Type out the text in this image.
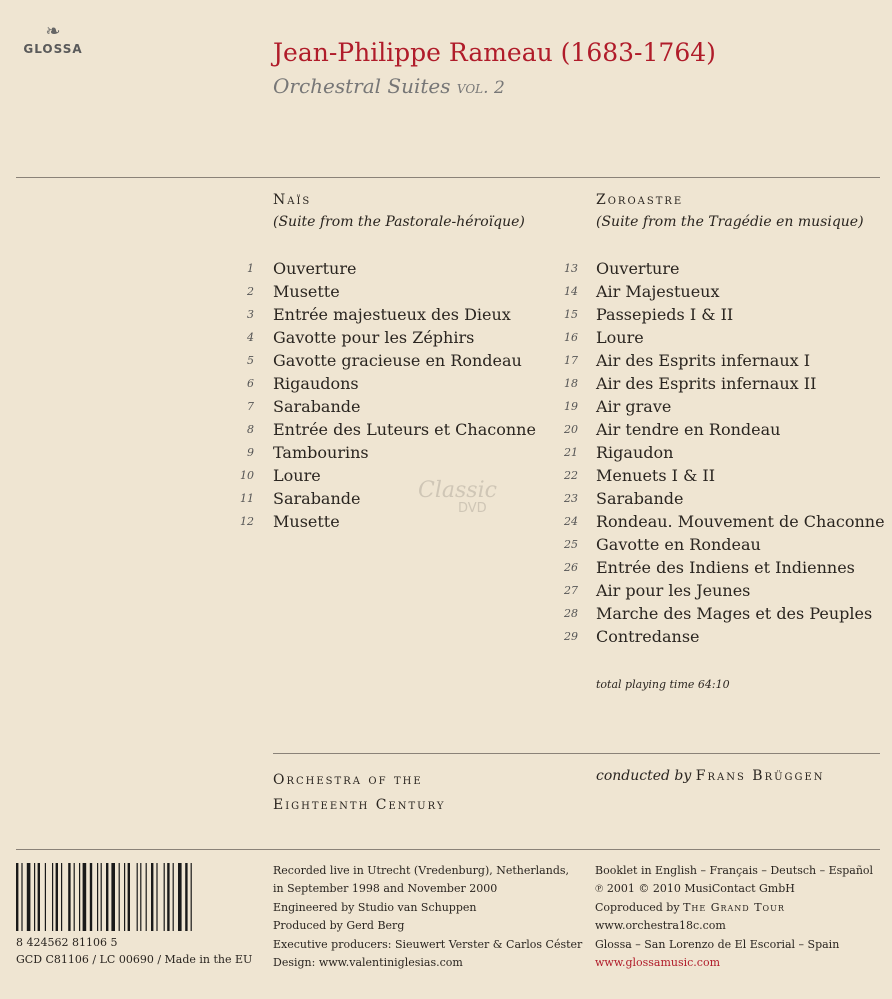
❧
GLOSSA	Jean-Philippe Rameau (1683-1764)
Orchestral Suites vol. 2
Naïs
(Suite from the Pastorale-héroïque)
1 Ouverture
2 Musette
3 Entrée majestueux des Dieux
4 Gavotte pour les Zéphirs
5 Gavotte gracieuse en Rondeau
6 Rigaudons
7 Sarabande
8 Entrée des Luteurs et Chaconne
9 Tambourins
10 Loure
11 Sarabande
12 Musette
Zoroastre
(Suite from the Tragédie en musique)
13 Ouverture
14 Air Majestueux
15 Passepieds I & II
16 Loure
17 Air des Esprits infernaux I
18 Air des Esprits infernaux II
19 Air grave
20 Air tendre en Rondeau
21 Rigaudon
22 Menuets I & II
23 Sarabande
24 Rondeau. Mouvement de Chaconne
25 Gavotte en Rondeau
26 Entrée des Indiens et Indiennes
27 Air pour les Jeunes
28 Marche des Mages et des Peuples
29 Contredanse
total playing time 64:10
Classic
DVD
Orchestra of the
Eighteenth Century
conducted by Frans Brüggen
8 424562 81106 5
GCD C81106 / LC 00690 / Made in the EU
Recorded live in Utrecht (Vredenburg), Netherlands,
in September 1998 and November 2000
Engineered by Studio van Schuppen
Produced by Gerd Berg
Executive producers: Sieuwert Verster & Carlos Céster
Design: www.valentiniglesias.com
Booklet in English – Français – Deutsch – Español
℗ 2001 © 2010 MusiContact GmbH
Coproduced by The Grand Tour
www.orchestra18c.com
Glossa – San Lorenzo de El Escorial – Spain
www.glossamusic.com
